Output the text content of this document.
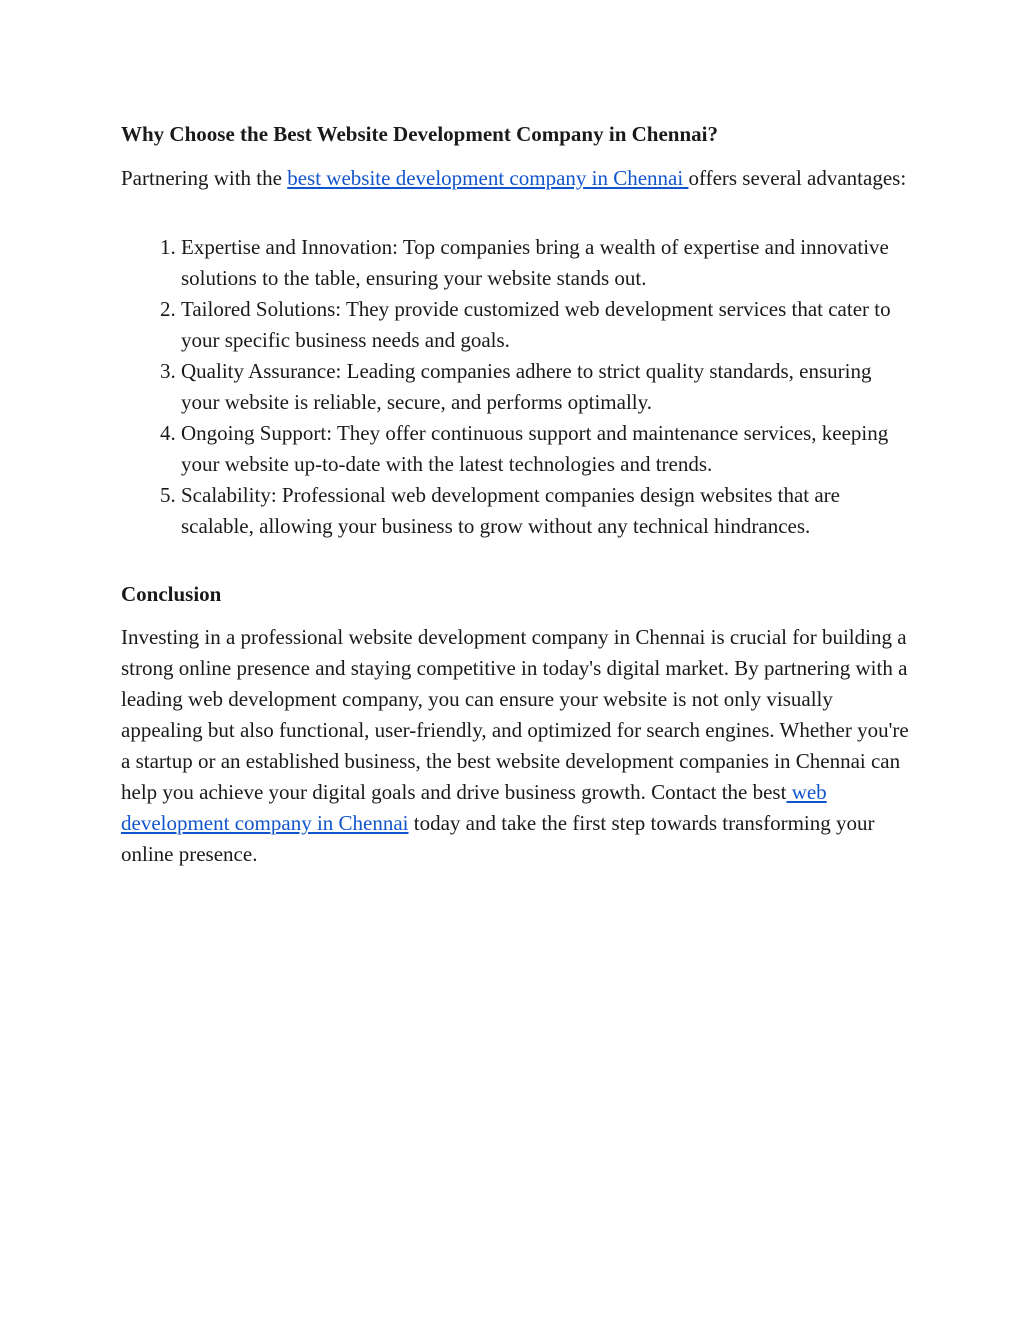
Why Choose the Best Website Development Company in Chennai?

Partnering with the best website development company in Chennai offers several advantages:

1. Expertise and Innovation: Top companies bring a wealth of expertise and innovative solutions to the table, ensuring your website stands out.
2. Tailored Solutions: They provide customized web development services that cater to your specific business needs and goals.
3. Quality Assurance: Leading companies adhere to strict quality standards, ensuring your website is reliable, secure, and performs optimally.
4. Ongoing Support: They offer continuous support and maintenance services, keeping your website up-to-date with the latest technologies and trends.
5. Scalability: Professional web development companies design websites that are scalable, allowing your business to grow without any technical hindrances.
Conclusion

Investing in a professional website development company in Chennai is crucial for building a strong online presence and staying competitive in today's digital market. By partnering with a leading web development company, you can ensure your website is not only visually appealing but also functional, user-friendly, and optimized for search engines. Whether you're a startup or an established business, the best website development companies in Chennai can help you achieve your digital goals and drive business growth. Contact the best web development company in Chennai today and take the first step towards transforming your online presence.
